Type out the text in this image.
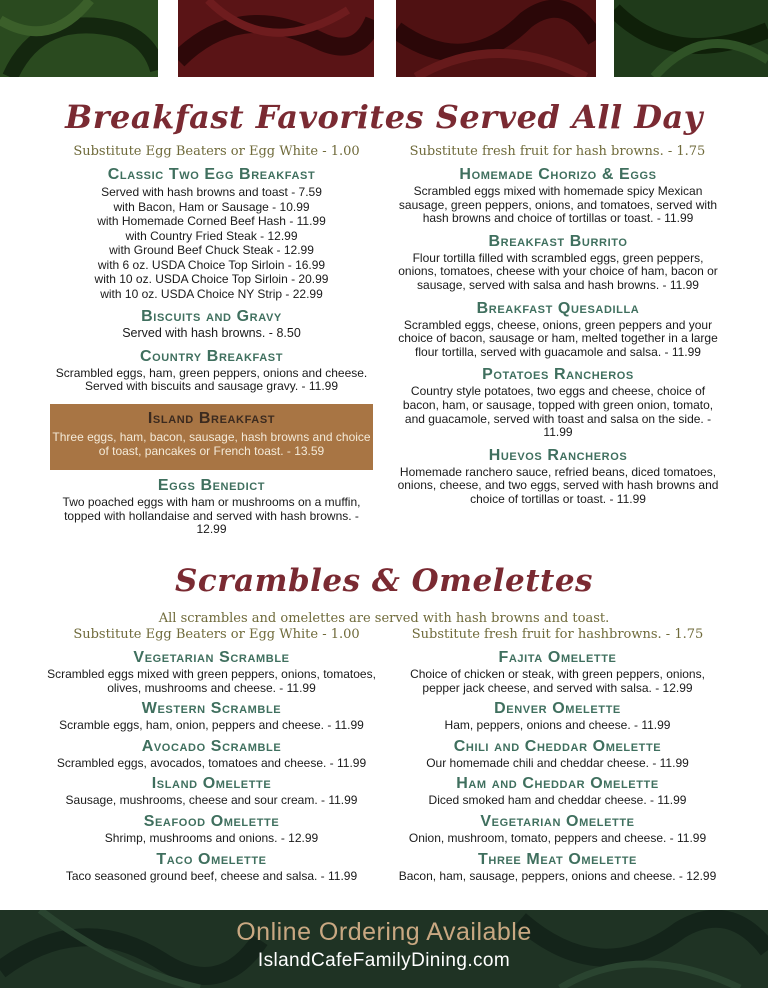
Breakfast Favorites Served All Day
Substitute Egg Beaters or Egg White - 1.00	Substitute fresh fruit for hash browns. - 1.75
Classic Two Egg Breakfast
Served with hash browns and toast - 7.59
with Bacon, Ham or Sausage - 10.99
with Homemade Corned Beef Hash - 11.99
with Country Fried Steak - 12.99
with Ground Beef Chuck Steak - 12.99
with 6 oz. USDA Choice Top Sirloin - 16.99
with 10 oz. USDA Choice Top Sirloin - 20.99
with 10 oz. USDA Choice NY Strip - 22.99
Biscuits and Gravy

Served with hash browns. - 8.50

Country Breakfast

Scrambled eggs, ham, green peppers, onions and cheese. Served with biscuits and sausage gravy. - 11.99

Island Breakfast

Three eggs, ham, bacon, sausage, hash browns and choice of toast, pancakes or French toast. - 13.59

Eggs Benedict

Two poached eggs with ham or mushrooms on a muffin, topped with hollandaise and served with hash browns. - 12.99

Homemade Chorizo & Eggs

Scrambled eggs mixed with homemade spicy Mexican sausage, green peppers, onions, and tomatoes, served with hash browns and choice of tortillas or toast. - 11.99

Breakfast Burrito

Flour tortilla filled with scrambled eggs, green peppers, onions, tomatoes, cheese with your choice of ham, bacon or sausage, served with salsa and hash browns. - 11.99

Breakfast Quesadilla

Scrambled eggs, cheese, onions, green peppers and your choice of bacon, sausage or ham, melted together in a large flour tortilla, served with guacamole and salsa. - 11.99

Potatoes Rancheros

Country style potatoes, two eggs and cheese, choice of bacon, ham, or sausage, topped with green onion, tomato, and guacamole, served with toast and salsa on the side. - 11.99

Huevos Rancheros

Homemade ranchero sauce, refried beans, diced tomatoes, onions, cheese, and two eggs, served with hash browns and choice of tortillas or toast. - 11.99

Scrambles & Omelettes
All scrambles and omelettes are served with hash browns and toast.
Substitute Egg Beaters or Egg White - 1.00	Substitute fresh fruit for hashbrowns. - 1.75
Vegetarian Scramble

Scrambled eggs mixed with green peppers, onions, tomatoes, olives, mushrooms and cheese. - 11.99

Western Scramble

Scramble eggs, ham, onion, peppers and cheese. - 11.99

Avocado Scramble

Scrambled eggs, avocados, tomatoes and cheese. - 11.99

Island Omelette

Sausage, mushrooms, cheese and sour cream. - 11.99

Seafood Omelette

Shrimp, mushrooms and onions. - 12.99

Taco Omelette

Taco seasoned ground beef, cheese and salsa. - 11.99

Fajita Omelette

Choice of chicken or steak, with green peppers, onions, pepper jack cheese, and served with salsa. - 12.99

Denver Omelette

Ham, peppers, onions and cheese. - 11.99

Chili and Cheddar Omelette

Our homemade chili and cheddar cheese. - 11.99

Ham and Cheddar Omelette

Diced smoked ham and cheddar cheese. - 11.99

Vegetarian Omelette

Onion, mushroom, tomato, peppers and cheese. - 11.99

Three Meat Omelette

Bacon, ham, sausage, peppers, onions and cheese. - 12.99

Online Ordering Available
IslandCafeFamilyDining.com
